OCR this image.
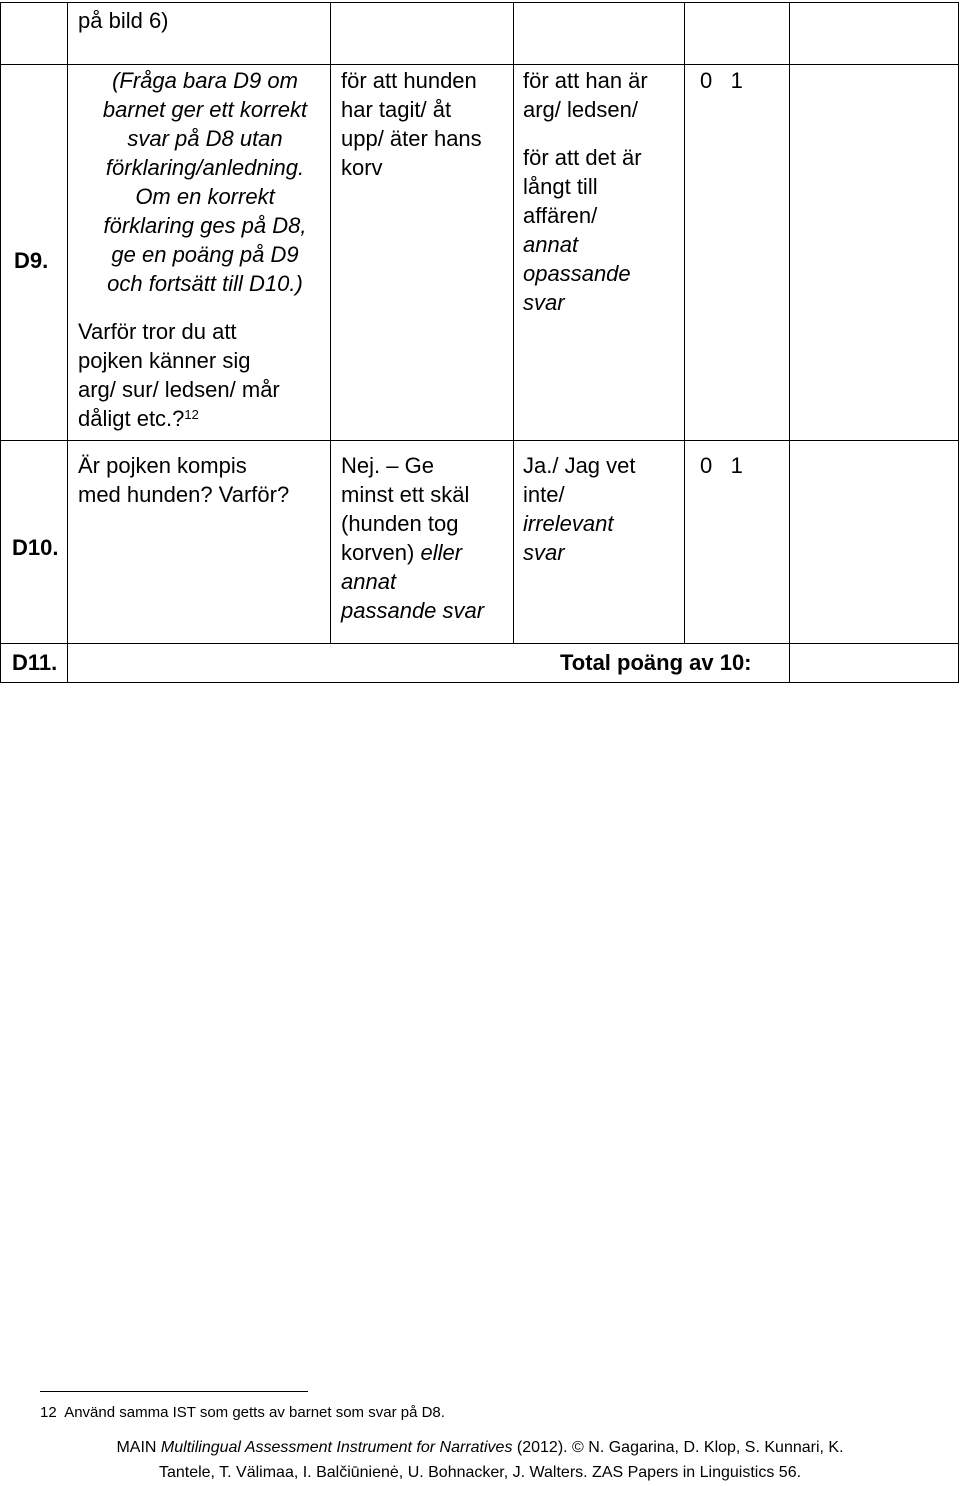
på bild 6)
D9.
(Fråga bara D9 om
barnet ger ett korrekt
svar på D8 utan
förklaring/anledning.
Om en korrekt
förklaring ges på D8,
ge en poäng på D9
och fortsätt till D10.)
Varför tror du att
pojken känner sig
arg/ sur/ ledsen/ mår
dåligt etc.?$^{12}$
för att hunden
har tagit/ åt
upp/ äter hans
korv
för att han är
arg/ ledsen/
för att det är
långt till
affären/
annat
opassande
svar
0   1
D10.
Är pojken kompis
med hunden? Varför?
Nej. – Ge
minst ett skäl
(hunden tog
korven) eller
annat
passande svar
Ja./ Jag vet
inte/
irrelevant
svar
0   1
D11.	Total poäng av 10:
12 Använd samma IST som getts av barnet som svar på D8.
MAIN Multilingual Assessment Instrument for Narratives (2012). © N. Gagarina, D. Klop, S. Kunnari, K.
Tantele, T. Välimaa, I. Balčiūnienė, U. Bohnacker, J. Walters. ZAS Papers in Linguistics 56.
